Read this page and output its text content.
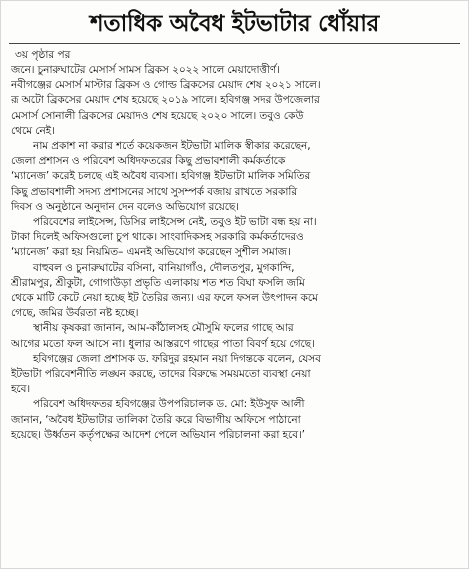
শতাধিক অবৈধ ইটভাটার ধোঁয়ার
৩য় পৃষ্ঠার পর
জনে। চুনারুঘাটের মেসার্স সামস ব্রিকস ২০২২ সালে মেয়াদোত্তীর্ণ।
নবীগঞ্জের মেসার্স মাস্টার ব্রিকস ও গোল্ড ব্রিকসের মেয়াদ শেষ ২০২১ সালে।
রূ অটো ব্রিকসের মেয়াদ শেষ হয়েছে ২০১৯ সালে। হবিগঞ্জ সদর উপজেলার
মেসার্স সোনালী ব্রিকসের মেয়াদও শেষ হয়েছে ২০২০ সালে। তবুও কেউ
থেমে নেই।
নাম প্রকাশ না করার শর্তে কয়েকজন ইটভাটা মালিক স্বীকার করেছেন,
জেলা প্রশাসন ও পরিবেশ অধিদফতরের কিছু প্রভাবশালী কর্মকর্তাকে
‘ম্যানেজ’ করেই চলছে এই অবৈধ ব্যবসা। হবিগঞ্জ ইটভাটা মালিক সমিতির
কিছু প্রভাবশালী সদস্য প্রশাসনের সাথে সুসম্পর্ক বজায় রাখতে সরকারি
দিবস ও অনুষ্ঠানে অনুদান দেন বলেও অভিযোগ রয়েছে।
পরিবেশের লাইসেন্স, ডিসির লাইসেন্স নেই, তবুও ইট ভাটা বন্ধ হয় না।
টাকা দিলেই অফিসগুলো চুপ থাকে। সাংবাদিকসহ সরকারি কর্মকর্তাদেরও
‘ম্যানেজ’ করা হয় নিয়মিত– এমনই অভিযোগ করেছেন সুশীল সমাজ।
বাহুবল ও চুনারুঘাটের বসিনা, বানিয়াগাঁও, দৌলতপুর, মুগকান্দি,
শ্রীরামপুর, শ্রীকুটা, গোগাউড়া প্রভৃতি এলাকায় শত শত বিঘা ফসলি জমি
থেকে মাটি কেটে নেয়া হচ্ছে ইট তৈরির জন্য। এর ফলে ফসল উৎপাদন কমে
গেছে, জমির উর্বরতা নষ্ট হচ্ছে।
স্থানীয় কৃষকরা জানান, আম-কাঁঠালসহ মৌসুমি ফলের গাছে আর
আগের মতো ফল আসে না। ধুলার আস্তরণে গাছের পাতা বিবর্ণ হয়ে গেছে।
হবিগঞ্জের জেলা প্রশাসক ড. ফরিদুর রহমান নয়া দিগন্তকে বলেন, যেসব
ইটভাটা পরিবেশনীতি লঙ্ঘন করছে, তাদের বিরুদ্ধে সময়মতো ব্যবস্থা নেয়া
হবে।
পরিবেশ অধিদফতর হবিগঞ্জের উপপরিচালক ড. মো: ইউসুফ আলী
জানান, ‘অবৈধ ইটভাটার তালিকা তৈরি করে বিভাগীয় অফিসে পাঠানো
হয়েছে। উর্ধ্বতন কর্তৃপক্ষের আদেশ পেলে অভিযান পরিচালনা করা হবে।’
